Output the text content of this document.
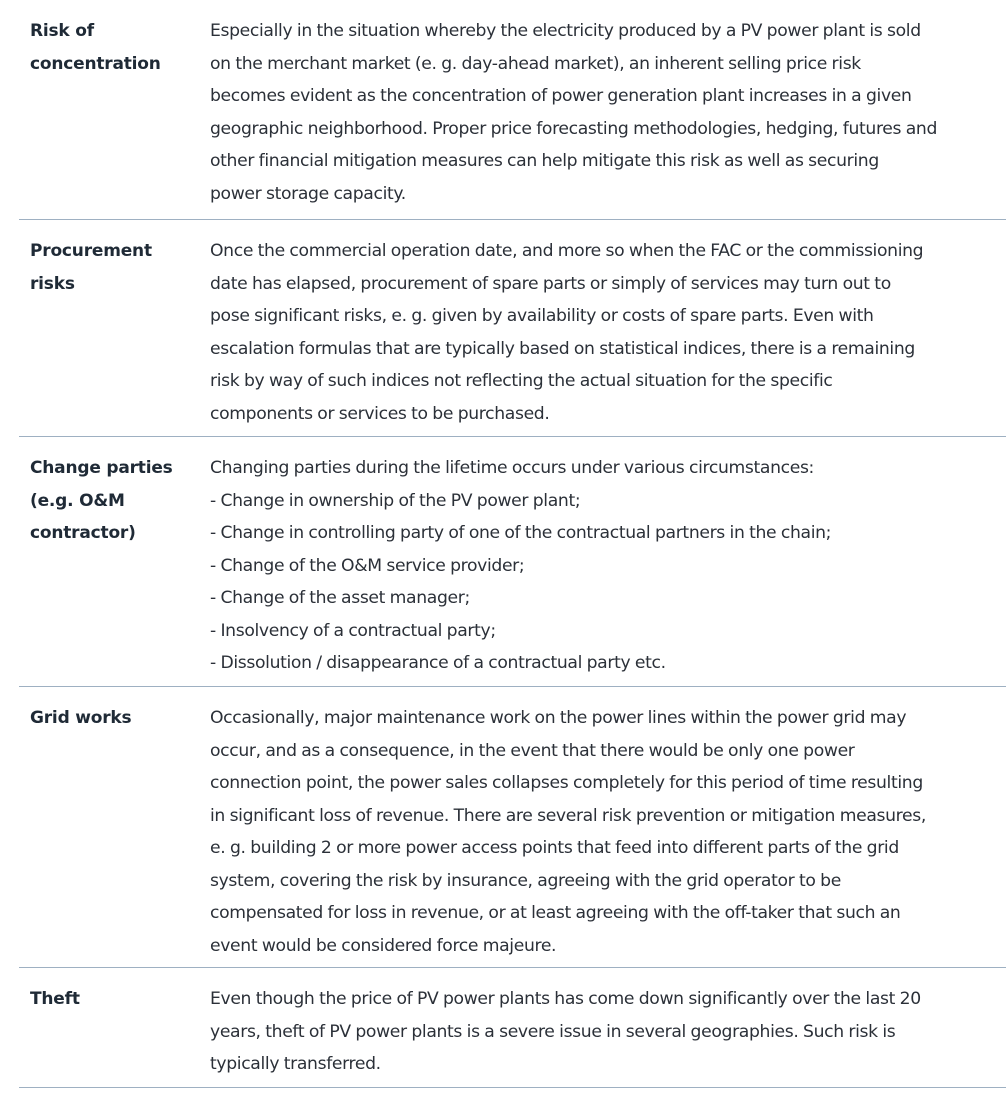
Risk of
concentration
Especially in the situation whereby the electricity produced by a PV power plant is sold
on the merchant market (e. g. day-ahead market), an inherent selling price risk
becomes evident as the concentration of power generation plant increases in a given
geographic neighborhood. Proper price forecasting methodologies, hedging, futures and
other financial mitigation measures can help mitigate this risk as well as securing
power storage capacity.
Procurement
risks
Once the commercial operation date, and more so when the FAC or the commissioning
date has elapsed, procurement of spare parts or simply of services may turn out to
pose significant risks, e. g. given by availability or costs of spare parts. Even with
escalation formulas that are typically based on statistical indices, there is a remaining
risk by way of such indices not reflecting the actual situation for the specific
components or services to be purchased.
Change parties
(e.g. O&M
contractor)
Changing parties during the lifetime occurs under various circumstances:
- Change in ownership of the PV power plant;
- Change in controlling party of one of the contractual partners in the chain;
- Change of the O&M service provider;
- Change of the asset manager;
- Insolvency of a contractual party;
- Dissolution / disappearance of a contractual party etc.
Grid works	Occasionally, major maintenance work on the power lines within the power grid may
occur, and as a consequence, in the event that there would be only one power
connection point, the power sales collapses completely for this period of time resulting
in significant loss of revenue. There are several risk prevention or mitigation measures,
e. g. building 2 or more power access points that feed into different parts of the grid
system, covering the risk by insurance, agreeing with the grid operator to be
compensated for loss in revenue, or at least agreeing with the off-taker that such an
event would be considered force majeure.
Theft	Even though the price of PV power plants has come down significantly over the last 20
years, theft of PV power plants is a severe issue in several geographies. Such risk is
typically transferred.
